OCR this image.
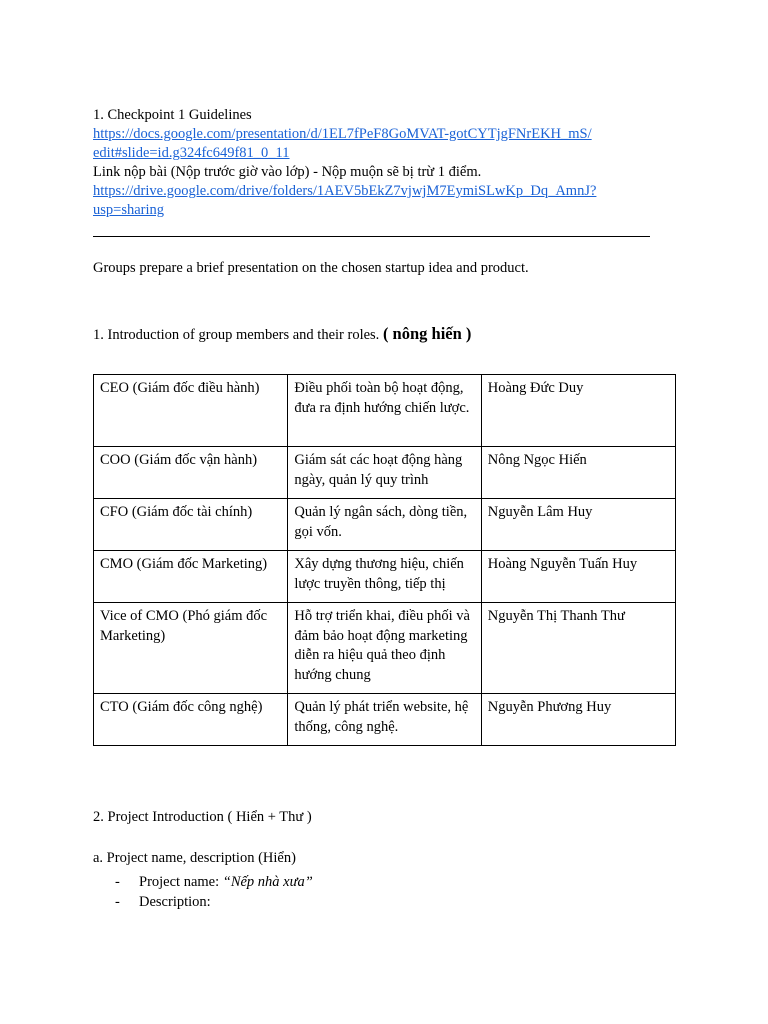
1. Checkpoint 1 Guidelines

https://docs.google.com/presentation/d/1EL7fPeF8GoMVAT-gotCYTjgFNrEKH_mS/
edit#slide=id.g324fc649f81_0_11

Link nộp bài (Nộp trước giờ vào lớp) - Nộp muộn sẽ bị trừ 1 điểm.

https://drive.google.com/drive/folders/1AEV5bEkZ7vjwjM7EymiSLwKp_Dq_AmnJ?
usp=sharing

Groups prepare a brief presentation on the chosen startup idea and product.

1. Introduction of group members and their roles. ( nông hiến )

CEO (Giám đốc điều hành)	Điều phối toàn bộ hoạt động, đưa ra định hướng chiến lược.	Hoàng Đức Duy
COO (Giám đốc vận hành)	Giám sát các hoạt động hàng ngày, quản lý quy trình	Nông Ngọc Hiến
CFO (Giám đốc tài chính)	Quản lý ngân sách, dòng tiền, gọi vốn.	Nguyễn Lâm Huy
CMO (Giám đốc Marketing)	Xây dựng thương hiệu, chiến lược truyền thông, tiếp thị	Hoàng Nguyễn Tuấn Huy
Vice of CMO (Phó giám đốc Marketing)	Hỗ trợ triển khai, điều phối và đảm bảo hoạt động marketing diễn ra hiệu quả theo định hướng chung	Nguyễn Thị Thanh Thư
CTO (Giám đốc công nghệ)	Quản lý phát triển website, hệ thống, công nghệ.	Nguyễn Phương Huy

2. Project Introduction ( Hiển + Thư )

a. Project name, description (Hiển)

- Project name: “Nếp nhà xưa”
- Description:
